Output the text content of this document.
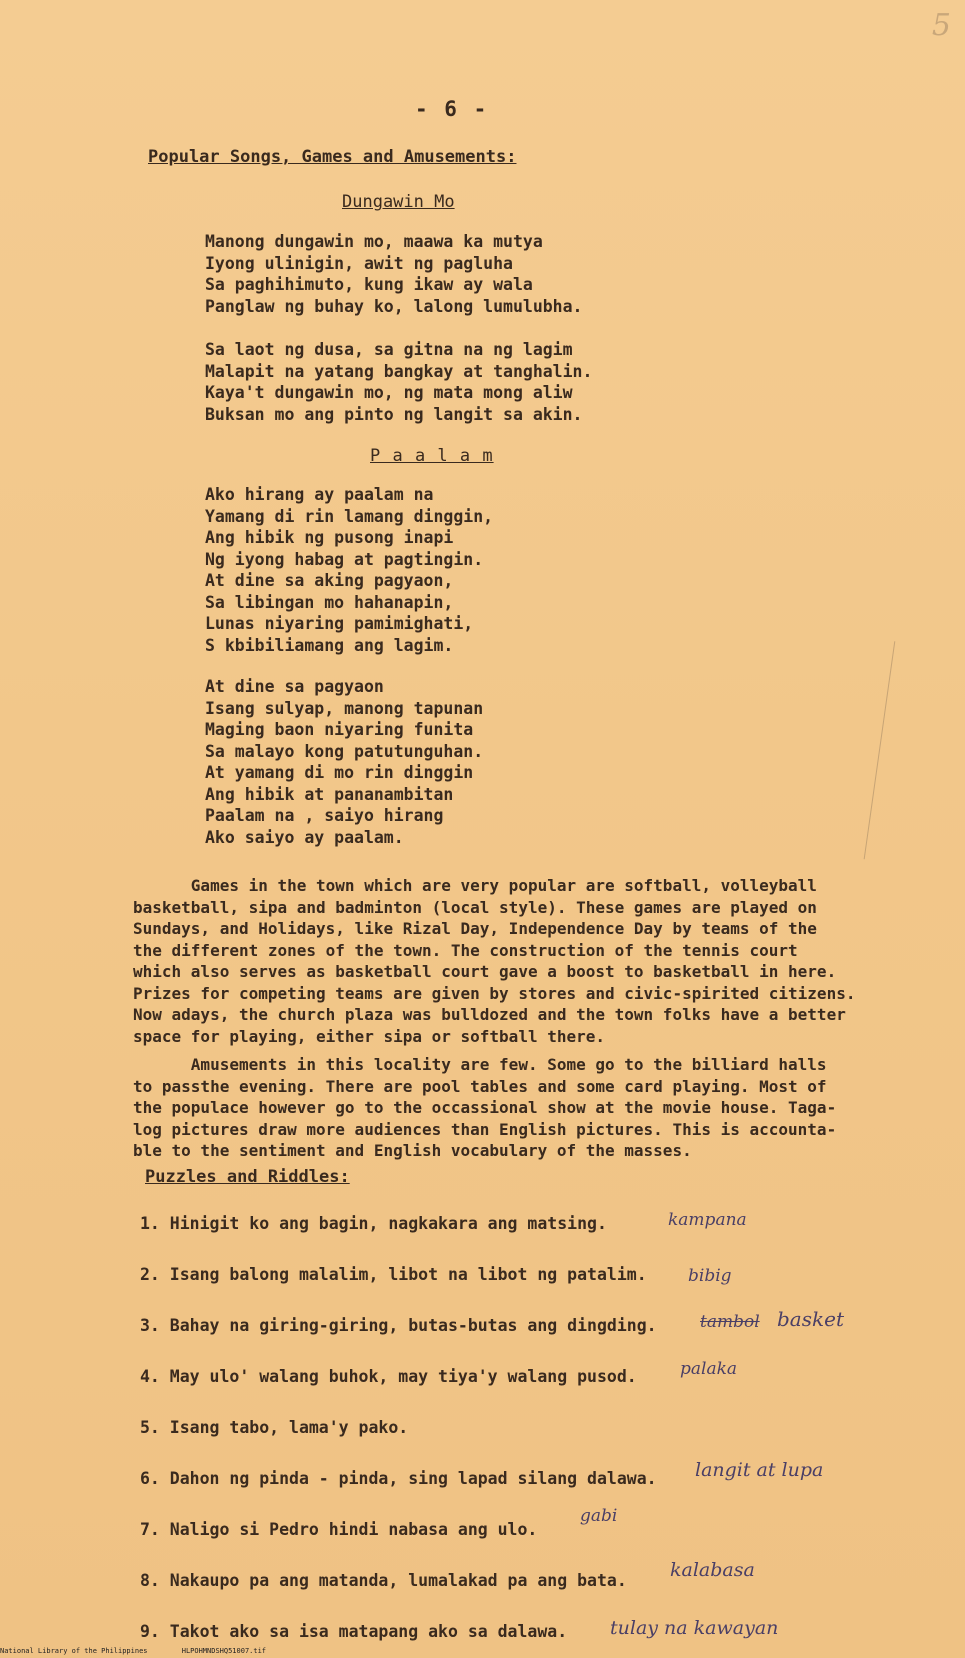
5
- 6 -
Popular Songs, Games and Amusements:
Dungawin Mo
Manong dungawin mo, maawa ka mutya
Iyong ulinigin, awit ng pagluha
Sa paghihimuto, kung ikaw ay wala
Panglaw ng buhay ko, lalong lumulubha.
Sa laot ng dusa, sa gitna na ng lagim
Malapit na yatang bangkay at tanghalin.
Kaya't dungawin mo, ng mata mong aliw
Buksan mo ang pinto ng langit sa akin.
P a a l a m
Ako hirang ay paalam na
Yamang di rin lamang dinggin,
Ang hibik ng pusong inapi
Ng iyong habag at pagtingin.
At dine sa aking pagyaon,
Sa libingan mo hahanapin,
Lunas niyaring pamimighati,
S kbibiliamang ang lagim.
At dine sa pagyaon
Isang sulyap, manong tapunan
Maging baon niyaring funita
Sa malayo kong patutunguhan.
At yamang di mo rin dinggin
Ang hibik at pananambitan
Paalam na , saiyo hirang
Ako saiyo ay paalam.
Games in the town which are very popular are softball, volleyball
basketball, sipa and badminton (local style). These games are played on
Sundays, and Holidays, like Rizal Day, Independence Day by teams of the
the different zones of the town. The construction of the tennis court
which also serves as basketball court gave a boost to basketball in here.
Prizes for competing teams are given by stores and civic-spirited citizens.
Now adays, the church plaza was bulldozed and the town folks have a better
space for playing, either sipa or softball there.
Amusements in this locality are few. Some go to the billiard halls
to passthe evening. There are pool tables and some card playing. Most of
the populace however go to the occassional show at the movie house. Taga-
log pictures draw more audiences than English pictures. This is accounta-
ble to the sentiment and English vocabulary of the masses.
Puzzles and Riddles:
1. Hinigit ko ang bagin, nagkakara ang matsing.	kampana
2. Isang balong malalim, libot na libot ng patalim. bibig
3. Bahay na giring-giring, butas-butas ang dingding.	tambol basket
4. May ulo' walang buhok, may tiya'y walang pusod.	palaka
5. Isang tabo, lama'y pako.
6. Dahon ng pinda - pinda, sing lapad silang dalawa. langit at lupa
7. Naligo si Pedro hindi nabasa ang ulo.
gabi
8. Nakaupo pa ang matanda, lumalakad pa ang bata. kalabasa
9. Takot ako sa isa matapang ako sa dalawa. tulay na kawayan
National Library of the Philippines	HLPOHMNDSHQ51007.tif
